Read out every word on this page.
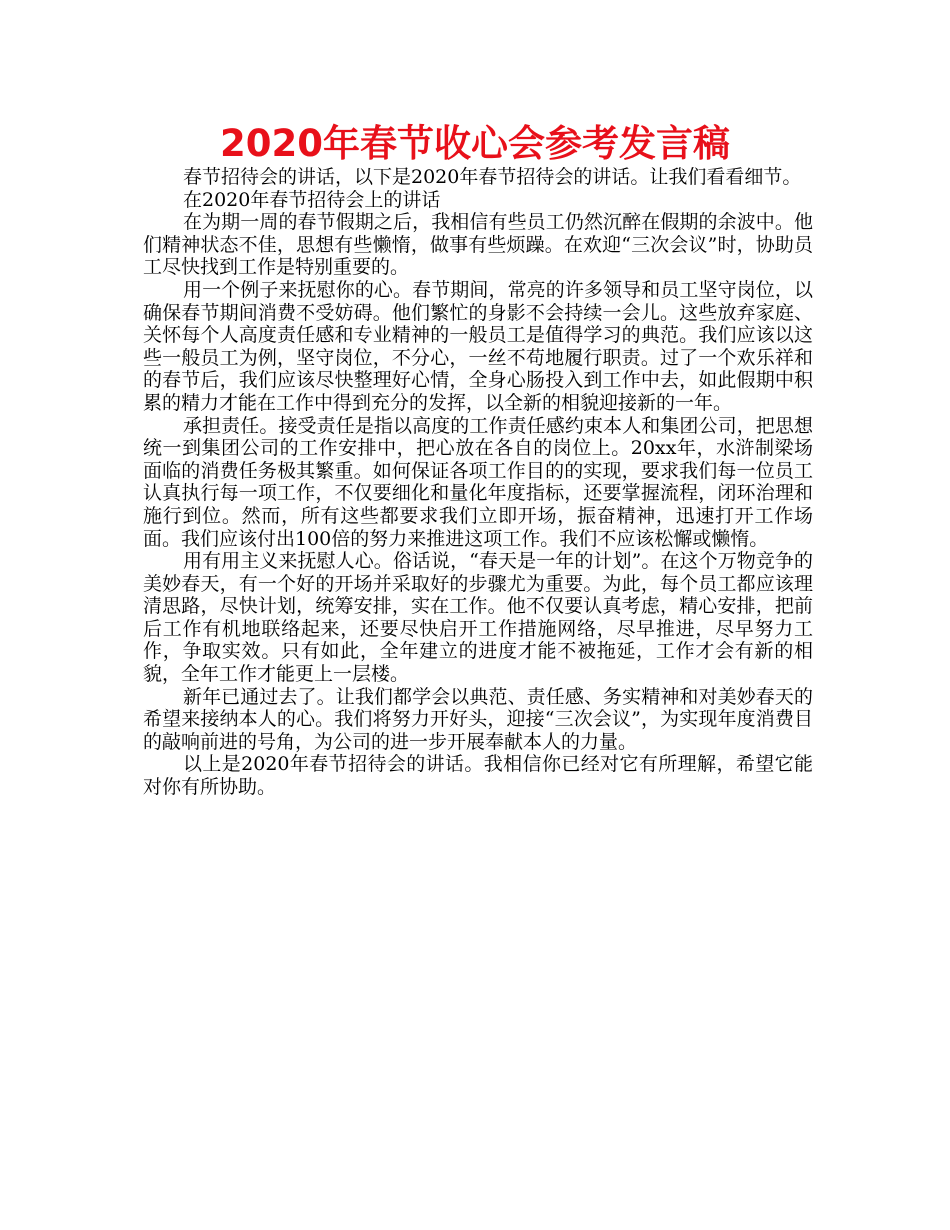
2020年春节收心会参考发言稿

春节招待会的讲话，以下是2020年春节招待会的讲话。让我们看看细节。

在2020年春节招待会上的讲话

在为期一周的春节假期之后，我相信有些员工仍然沉醉在假期的余波中。他们精神状态不佳，思想有些懒惰，做事有些烦躁。在欢迎“三次会议”时，协助员工尽快找到工作是特别重要的。

用一个例子来抚慰你的心。春节期间，常亮的许多领导和员工坚守岗位，以确保春节期间消费不受妨碍。他们繁忙的身影不会持续一会儿。这些放弃家庭、关怀每个人高度责任感和专业精神的一般员工是值得学习的典范。我们应该以这些一般员工为例，坚守岗位，不分心，一丝不苟地履行职责。过了一个欢乐祥和的春节后，我们应该尽快整理好心情，全身心肠投入到工作中去，如此假期中积累的精力才能在工作中得到充分的发挥，以全新的相貌迎接新的一年。

承担责任。接受责任是指以高度的工作责任感约束本人和集团公司，把思想统一到集团公司的工作安排中，把心放在各自的岗位上。20xx年，水浒制梁场面临的消费任务极其繁重。如何保证各项工作目的的实现，要求我们每一位员工认真执行每一项工作，不仅要细化和量化年度指标，还要掌握流程，闭环治理和施行到位。然而，所有这些都要求我们立即开场，振奋精神，迅速打开工作场面。我们应该付出100倍的努力来推进这项工作。我们不应该松懈或懒惰。

用有用主义来抚慰人心。俗话说，“春天是一年的计划”。在这个万物竞争的美妙春天，有一个好的开场并采取好的步骤尤为重要。为此，每个员工都应该理清思路，尽快计划，统筹安排，实在工作。他不仅要认真考虑，精心安排，把前后工作有机地联络起来，还要尽快启开工作措施网络，尽早推进，尽早努力工作，争取实效。只有如此，全年建立的进度才能不被拖延，工作才会有新的相貌，全年工作才能更上一层楼。

新年已通过去了。让我们都学会以典范、责任感、务实精神和对美妙春天的希望来接纳本人的心。我们将努力开好头，迎接“三次会议”，为实现年度消费目的敲响前进的号角，为公司的进一步开展奉献本人的力量。

以上是2020年春节招待会的讲话。我相信你已经对它有所理解，希望它能对你有所协助。
